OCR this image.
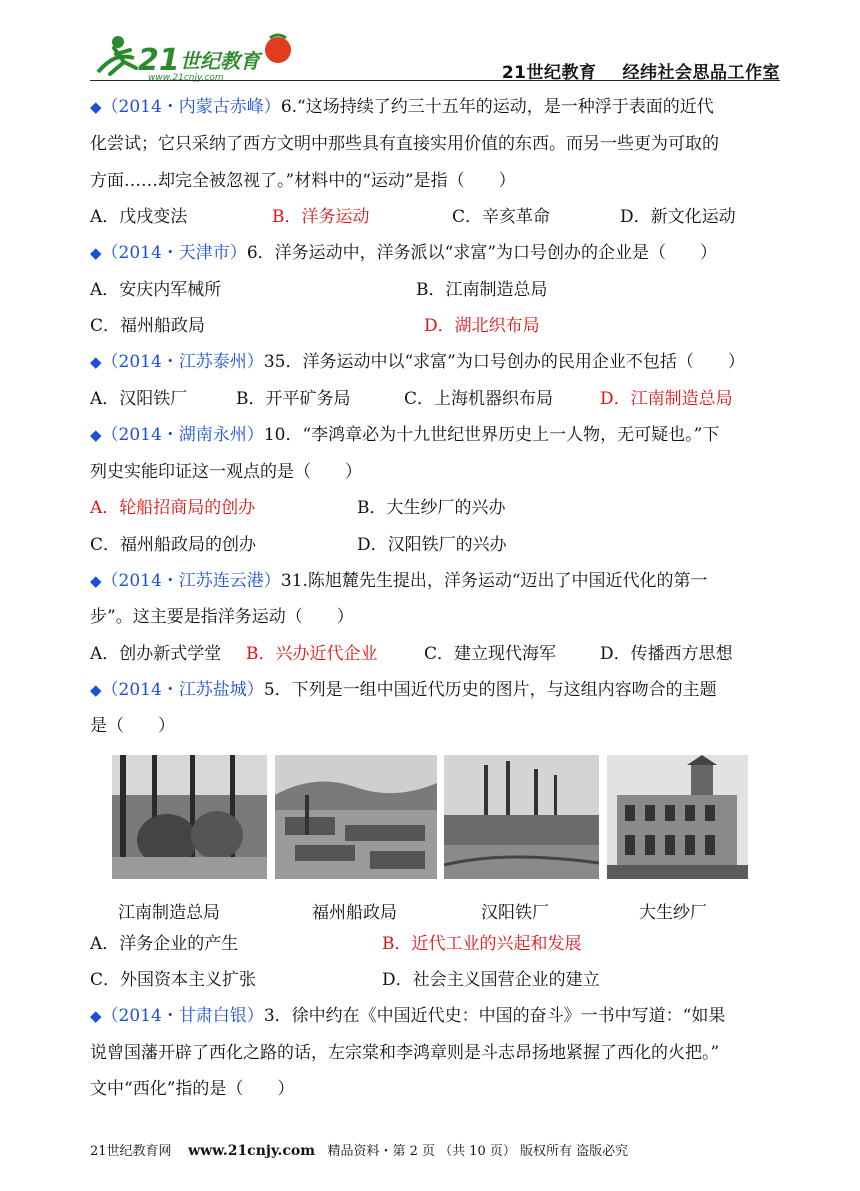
21 世纪教育
www.21cnjy.com	21世纪教育 经纬社会思品工作室
◆（2014・内蒙古赤峰）6.“这场持续了约三十五年的运动，是一种浮于表面的近代
化尝试；它只采纳了西方文明中那些具有直接实用价值的东西。而另一些更为可取的
方面……却完全被忽视了。”材料中的“运动”是指（　　）
A．戊戌变法	B．洋务运动	C．辛亥革命	D．新文化运动
◆（2014・天津市）6．洋务运动中，洋务派以“求富”为口号创办的企业是（　　）
A．安庆内军械所	B．江南制造总局
C．福州船政局	D．湖北织布局
◆（2014・江苏泰州）35．洋务运动中以“求富”为口号创办的民用企业不包括（　　）
A．汉阳铁厂	B．开平矿务局	C．上海机器织布局	D．江南制造总局
◆（2014・湖南永州）10．“李鸿章必为十九世纪世界历史上一人物，无可疑也。”下
列史实能印证这一观点的是（　　）
A．轮船招商局的创办	B．大生纱厂的兴办
C．福州船政局的创办	D．汉阳铁厂的兴办
◆（2014・江苏连云港）31.陈旭麓先生提出，洋务运动“迈出了中国近代化的第一
步”。这主要是指洋务运动（　　）
A．创办新式学堂 B．兴办近代企业	C．建立现代海军	D．传播西方思想
◆（2014・江苏盐城）5．下列是一组中国近代历史的图片，与这组内容吻合的主题
是（　　）
江南制造总局	福州船政局	汉阳铁厂	大生纱厂
A．洋务企业的产生	B．近代工业的兴起和发展
C．外国资本主义扩张	D．社会主义国营企业的建立
◆（2014・甘肃白银）3．徐中约在《中国近代史：中国的奋斗》一书中写道：“如果
说曾国藩开辟了西化之路的话，左宗棠和李鸿章则是斗志昂扬地紧握了西化的火把。”
文中“西化”指的是（　　）
21世纪教育网 www.21cnjy.com 精品资料・第 2 页 （共 10 页） 版权所有 盗版必究
